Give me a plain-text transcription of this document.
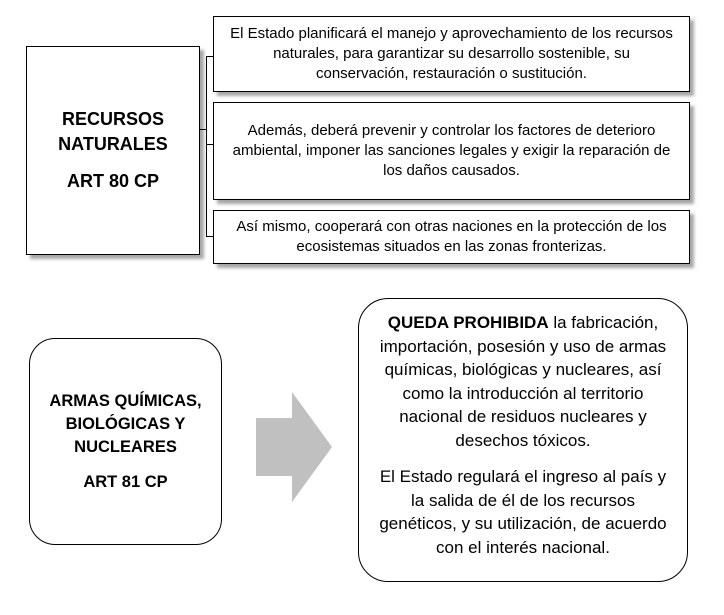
RECURSOS
NATURALES
ART 80 CP
El Estado planificará el manejo y aprovechamiento de los recursos naturales, para garantizar su desarrollo sostenible, su conservación, restauración o sustitución.
Además, deberá prevenir y controlar los factores de deterioro ambiental, imponer las sanciones legales y exigir la reparación de los daños causados.
Así mismo, cooperará con otras naciones en la protección de los ecosistemas situados en las zonas fronterizas.
ARMAS QUÍMICAS,
BIOLÓGICAS Y
NUCLEARES
ART 81 CP

QUEDA PROHIBIDA la fabricación, importación, posesión y uso de armas químicas, biológicas y nucleares, así como la introducción al territorio nacional de residuos nucleares y desechos tóxicos.

El Estado regulará el ingreso al país y la salida de él de los recursos genéticos, y su utilización, de acuerdo con el interés nacional.
